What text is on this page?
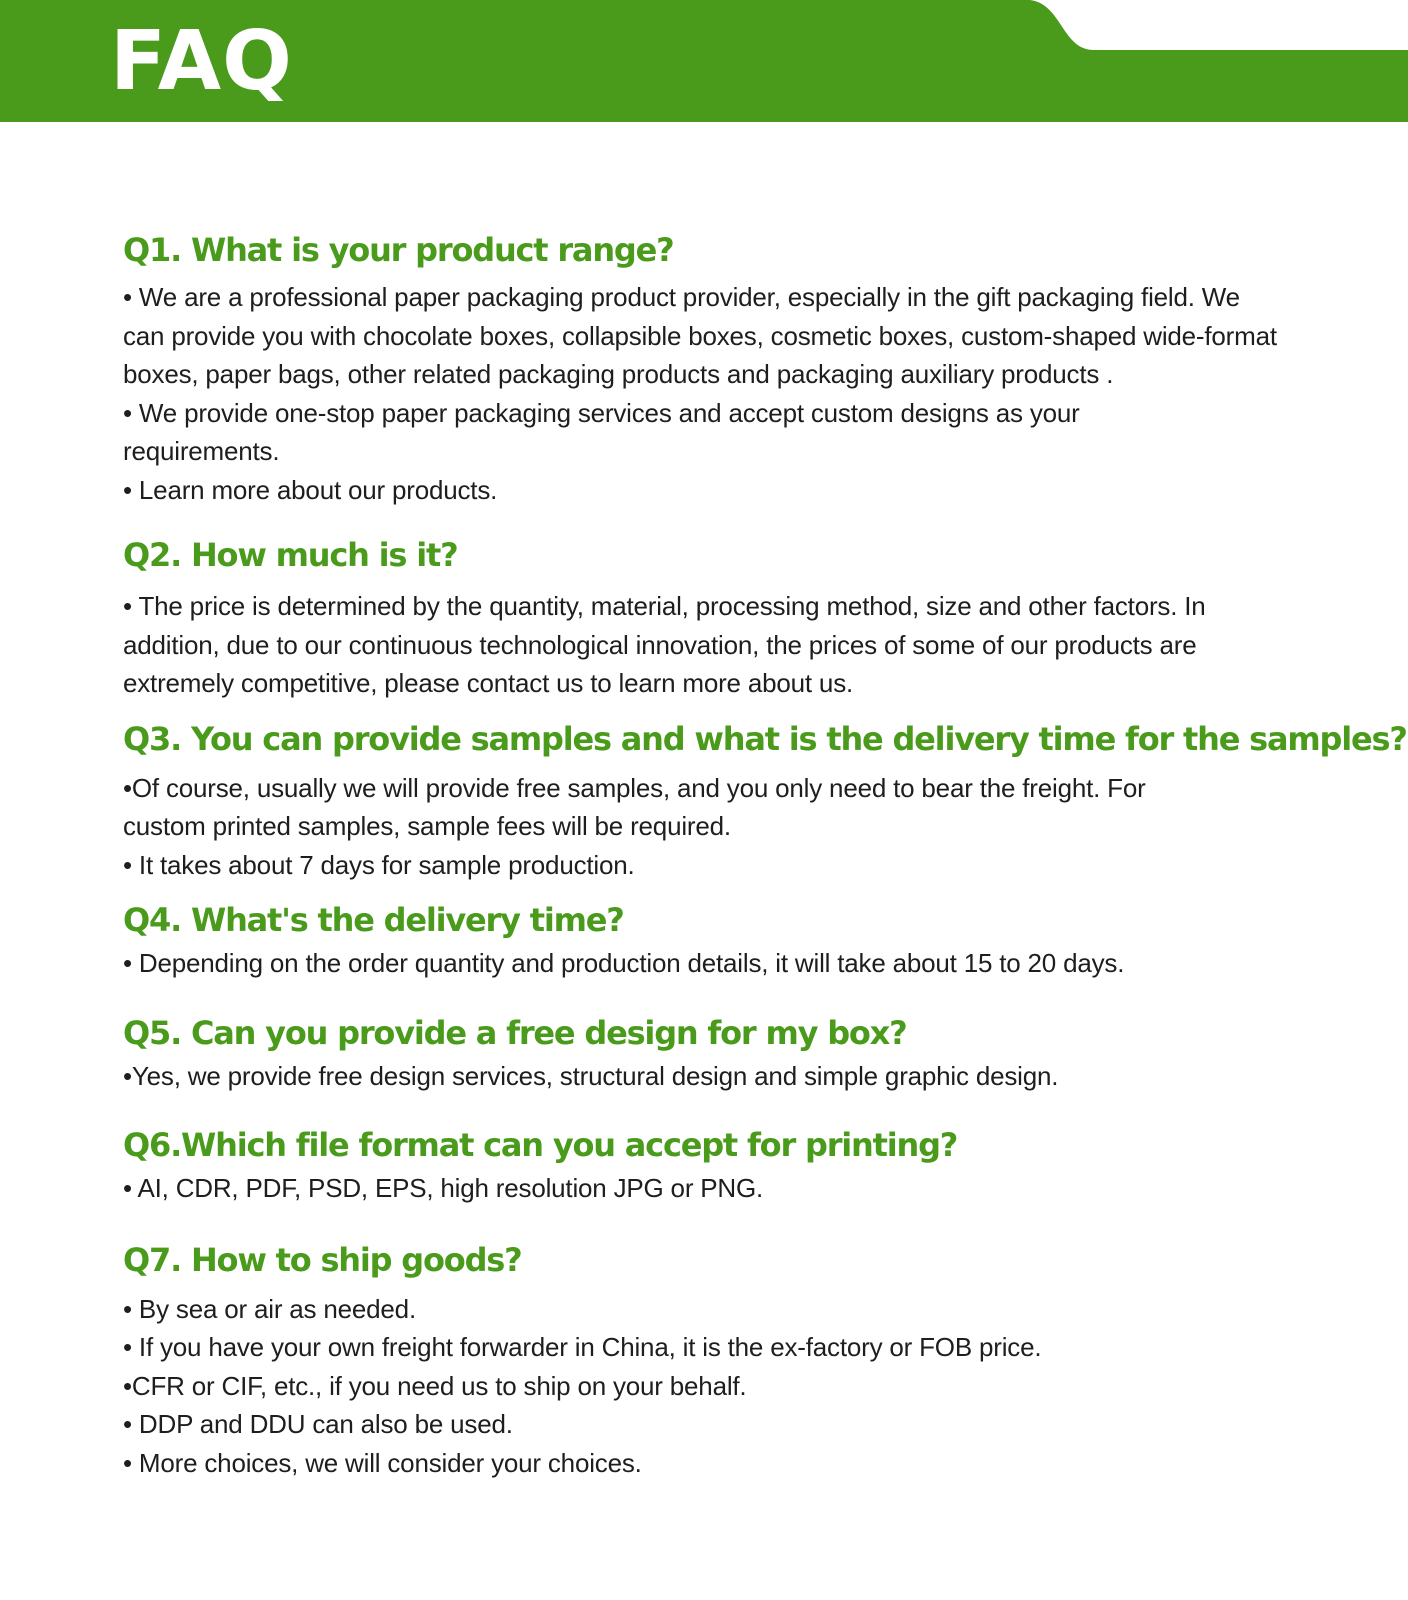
FAQ
Q1. What is your product range?

• We are a professional paper packaging product provider, especially in the gift packaging field. We can provide you with chocolate boxes, collapsible boxes, cosmetic boxes, custom-shaped wide-format boxes, paper bags, other related packaging products and packaging auxiliary products .

• We provide one-stop paper packaging services and accept custom designs as your requirements.

• Learn more about our products.

Q2. How much is it?

• The price is determined by the quantity, material, processing method, size and other factors. In addition, due to our continuous technological innovation, the prices of some of our products are extremely competitive, please contact us to learn more about us.

Q3. You can provide samples and what is the delivery time for the samples?

•Of course, usually we will provide free samples, and you only need to bear the freight. For custom printed samples, sample fees will be required.

• It takes about 7 days for sample production.

Q4. What's the delivery time?

• Depending on the order quantity and production details, it will take about 15 to 20 days.

Q5. Can you provide a free design for my box?

•Yes, we provide free design services, structural design and simple graphic design.

Q6.Which file format can you accept for printing?

• AI, CDR, PDF, PSD, EPS, high resolution JPG or PNG.

Q7. How to ship goods?

• By sea or air as needed.

• If you have your own freight forwarder in China, it is the ex-factory or FOB price.

•CFR or CIF, etc., if you need us to ship on your behalf.

• DDP and DDU can also be used.

• More choices, we will consider your choices.
